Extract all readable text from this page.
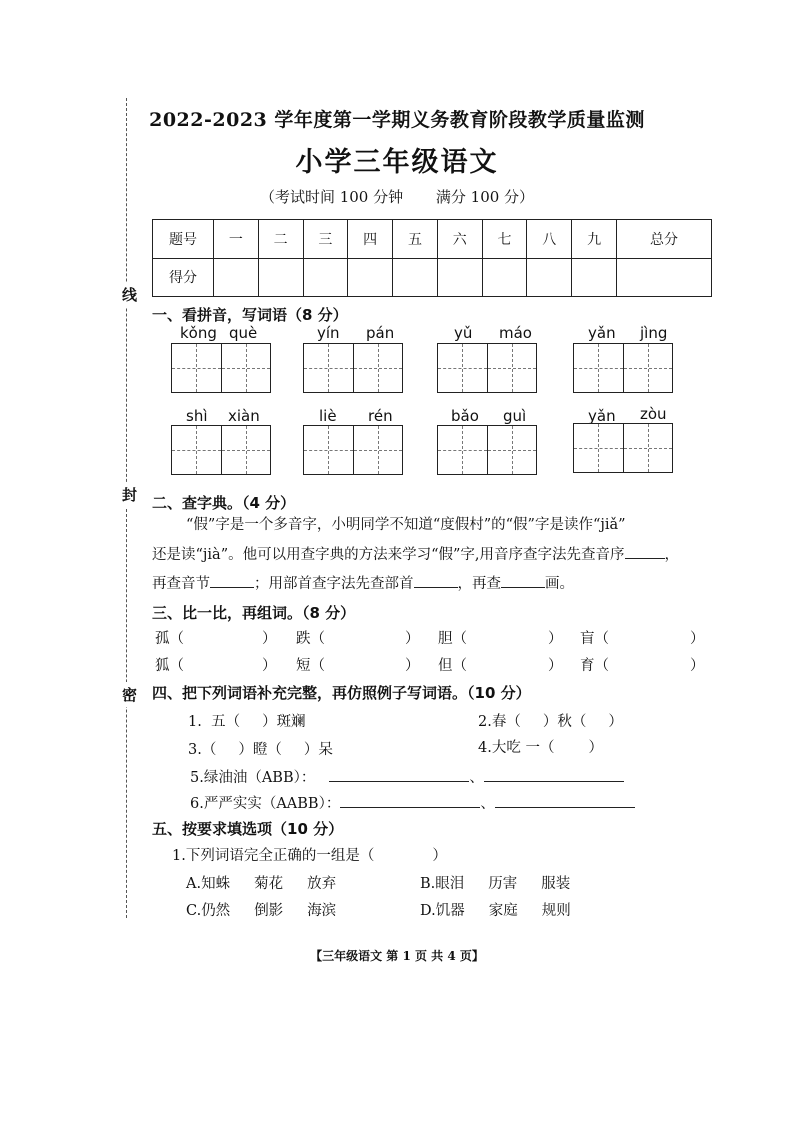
线
封
密
2022-2023 学年度第一学期义务教育阶段教学质量监测
小学三年级语文
（考试时间 100 分钟 满分 100 分）
题号	一	二	三	四	五	六	七	八	九	总分
得分										
一、看拼音，写词语（8 分）
kǒng què	yín pán	yǔ máo	yǎn jìng
shì xiàn	liè rén	bǎo guì	yǎn zòu
二、查字典。（4 分）
“假”字是一个多音字，小明同学不知道“度假村”的“假”字是读作“jiǎ”
还是读“jià”。他可以用查字典的方法来学习“假”字,用音序查字法先查音序	，
再查音节	；用部首查字法先查部首	，再查	画。
三、比一比，再组词。（8 分）
孤（	） 跌（	） 胆（	） 盲（	）
狐（	） 短（	） 但（	） 育（	）
四、把下列词语补充完整，再仿照例子写词语。（10 分）
1. 五（ ）斑斓	2.春（ ）秋（ ）
3.（ ）瞪（ ）呆	4.大吃 一（ ）
5.绿油油（ABB）：	、
6.严严实实（AABB）：	、
五、按要求填选项（10 分）
1.下列词语完全正确的一组是（	）
A.知蛛 菊花 放弃	B.眼泪 历害 服装
C.仍然 倒影 海滨	D.饥器 家庭 规则
【三年级语文 第 1 页 共 4 页】
